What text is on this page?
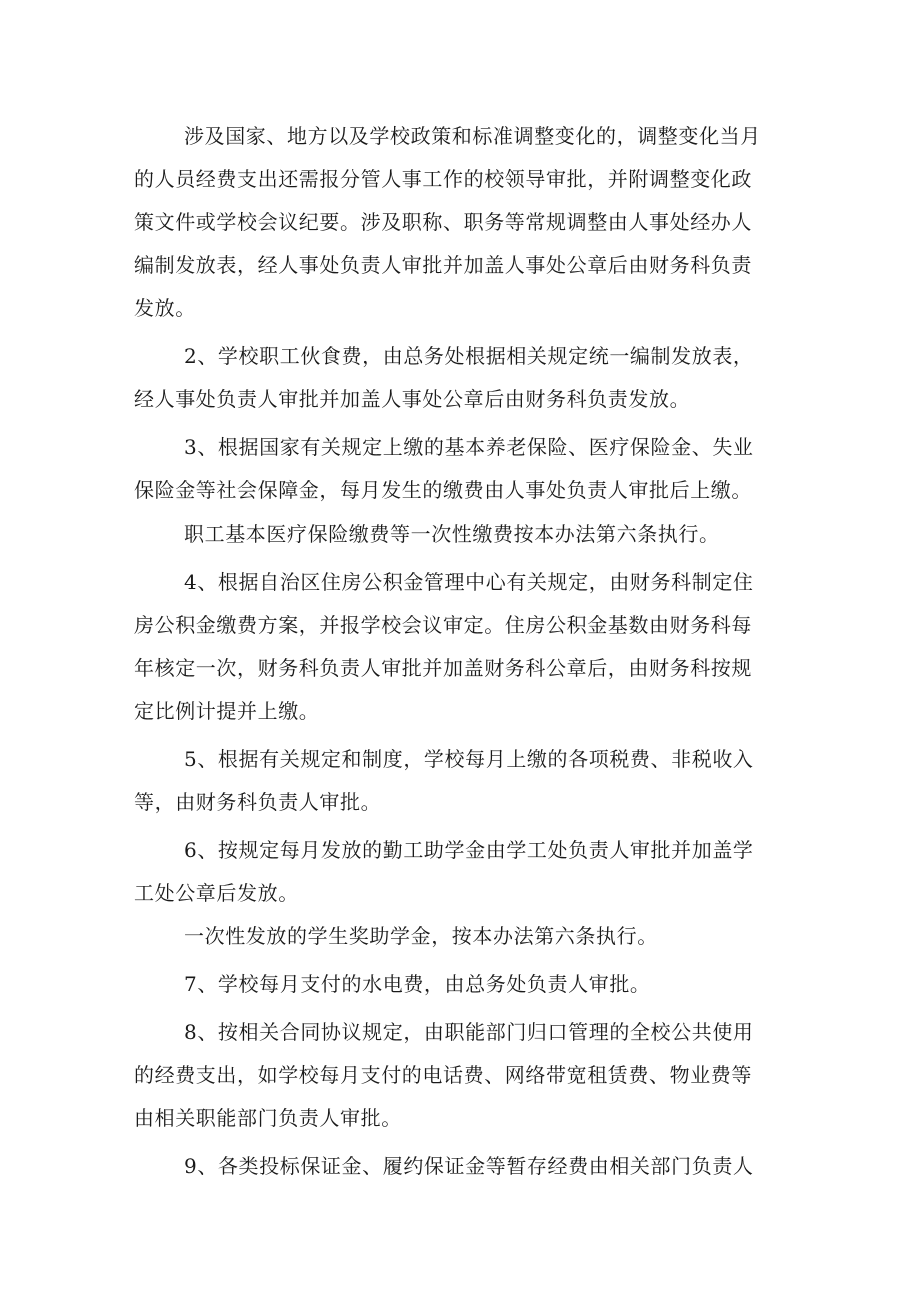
涉及国家、地方以及学校政策和标准调整变化的，调整变化当月
的人员经费支出还需报分管人事工作的校领导审批，并附调整变化政
策文件或学校会议纪要。涉及职称、职务等常规调整由人事处经办人
编制发放表，经人事处负责人审批并加盖人事处公章后由财务科负责
发放。
2、学校职工伙食费，由总务处根据相关规定统一编制发放表，
经人事处负责人审批并加盖人事处公章后由财务科负责发放。
3、根据国家有关规定上缴的基本养老保险、医疗保险金、失业
保险金等社会保障金，每月发生的缴费由人事处负责人审批后上缴。
职工基本医疗保险缴费等一次性缴费按本办法第六条执行。
4、根据自治区住房公积金管理中心有关规定，由财务科制定住
房公积金缴费方案，并报学校会议审定。住房公积金基数由财务科每
年核定一次，财务科负责人审批并加盖财务科公章后，由财务科按规
定比例计提并上缴。
5、根据有关规定和制度，学校每月上缴的各项税费、非税收入
等，由财务科负责人审批。
6、按规定每月发放的勤工助学金由学工处负责人审批并加盖学
工处公章后发放。
一次性发放的学生奖助学金，按本办法第六条执行。
7、学校每月支付的水电费，由总务处负责人审批。
8、按相关合同协议规定，由职能部门归口管理的全校公共使用
的经费支出，如学校每月支付的电话费、网络带宽租赁费、物业费等
由相关职能部门负责人审批。
9、各类投标保证金、履约保证金等暂存经费由相关部门负责人
